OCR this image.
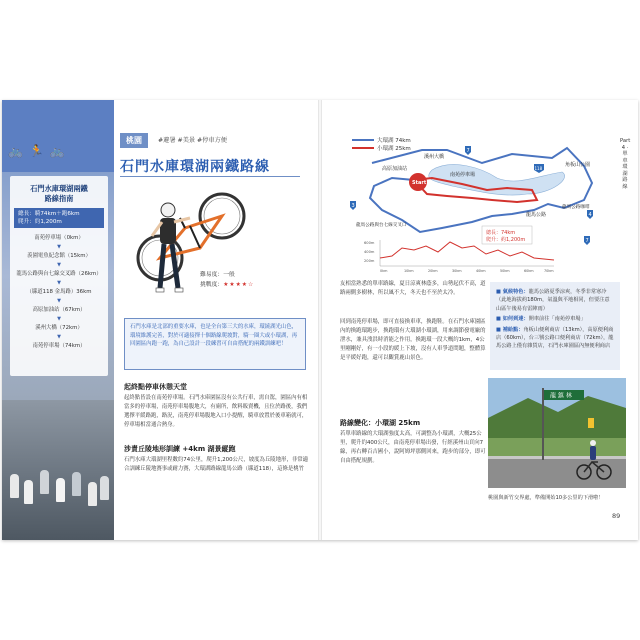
🚲🏃🚲
石門水庫環湖兩鐵
路線指南
總長：騎74km＋跑6km
爬升：約1,200m
南苑停車場（0km）
▼
羨園電魚紀念館（15km）
▼
龍馬公路與台七線交叉路（26km）
▼
（縣道118 金馬路）36km
▼
高原加油站（67km）
▼
溪州大橋（72km）
▼
南苑停車場（74km）
桃園	#避暑 #美景 #停車方便
石門水庫環湖兩鐵路線
難易度：一般
挑戰度：★★★★☆
石門水庫是北部的重要水庫，也是全台第三大的水庫，環繞湖光山色，環境維護完善，對於可適接擇十個路線爬坡對，騎一圈大或小環湖，再回園區內跑一跑，為自己設計一段練習可自由搭配的兩鐵訓練吧！
起終點停車休憩天堂
起終點皆設在南苑停車場。石門水庫園區沒有公共行車，需自駕，園區內有相當多的停車場，南苑停車場腹地大，有廁所，飲料販賣機，且位於路後，我們選擇平緩路跑，路況，南苑停車場腹地入口小提醒，騎車放置於後車箱就可，停車場相當通合熱身。
涉責丘陵地形訓練 +4km 湖景縱跑
石門水庫大環湖里程數約74公里，爬升1,200公尺，坡度為丘陵地形，非常適合訓練丘陵地賽事或耐力賽，大環湖路線龍馬公路（縣道118），這條是桃竹
Part 4 · 單車環湖路線
大環湖 74km
小環湖 25km
Start
溪州大橋
南苑停車場
高原加油站
角板山公園
龍馬公路與台七線交叉口
龍馬公路
龍馬公路咖啡
總長：74km
爬升：約1,200m
3
7
118
4
7
600m
400m
200m
0km	10km	20km	30km	40km	50km	60km	70km
友相當熟悉的單車路線，夏日涼爽林蔭多，山勢起伏不高，道路兩側多樹林，所以風不大，冬天也不至於太冷。
回到南苑停車場，即可直接換車車，換跑鞋。在石門水庫園區內的換跑環跑步，換跑環有大環湖小環湖，用來調節發電廠的泄水，兼具洩洪時消能之作用，換跑環一段大概約1km，4公里剛剛好，有一小段的緩上下坡，沒有人車爭道問題，整體算是平緩好跑，還可以觀賞鹿山景色。
路線變化：小環湖 25km
若單車路線的大環湖強度太高，可調整為小環湖，大概25公里，爬升約400公尺，由南苑停車場出發，行經溪州山頁向7線，再右轉百吉國小，說阿姆坪那側回來，跑步的部分，即可自由搭配規劃。
■ 氣候特色：龍馬公路夏季涼爽，冬季非常寒冷（此地海拔約180m，氣溫與平地相同，但要注意山區午後易有雷陣雨）
■ 如何到達：開車前往「南苑停車場」
■ 補給點：角板山便利商店（13km），高原便利商店（60km），台三號公路口便利商店（72km），龍馬公路上僅有雜貨店，石門水庫園區內無便利商店
龍 鎮 林
桃園與新竹交界處，準備開始10多公里的下滑啦！
89
